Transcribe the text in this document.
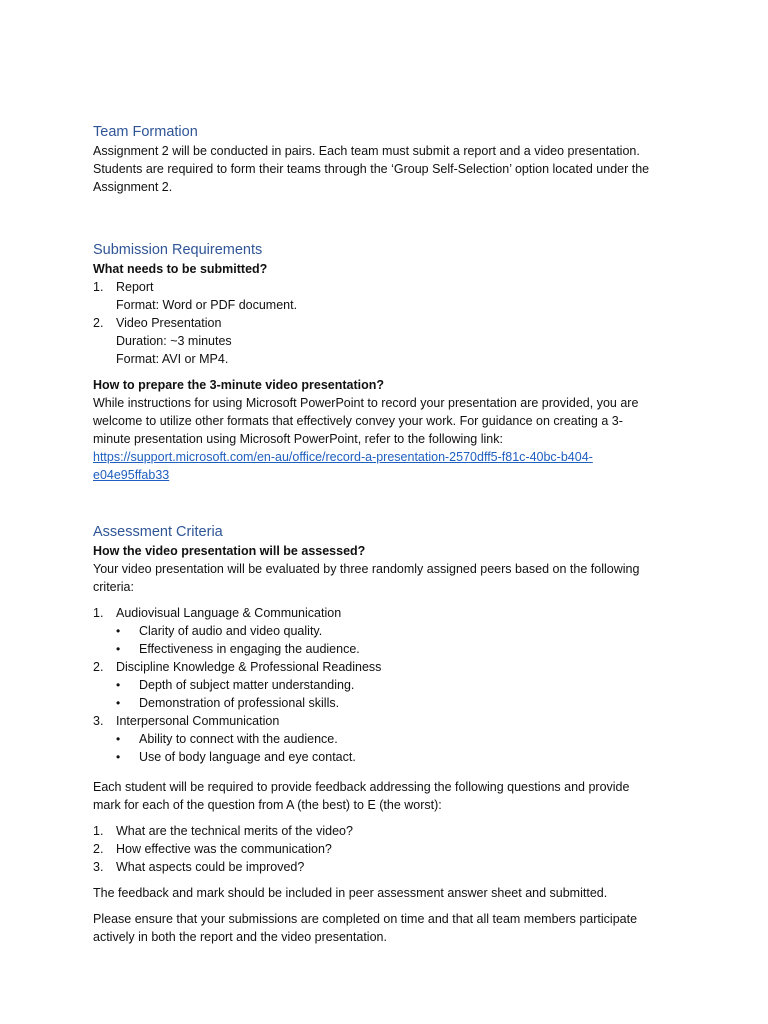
Team Formation

Assignment 2 will be conducted in pairs. Each team must submit a report and a video presentation.
Students are required to form their teams through the ‘Group Self-Selection’ option located under the
Assignment 2.

Submission Requirements

What needs to be submitted?

1. Report
Format: Word or PDF document.
2. Video Presentation
Duration: ~3 minutes
Format: AVI or MP4.

How to prepare the 3-minute video presentation?

While instructions for using Microsoft PowerPoint to record your presentation are provided, you are
welcome to utilize other formats that effectively convey your work. For guidance on creating a 3-
minute presentation using Microsoft PowerPoint, refer to the following link:
https://support.microsoft.com/en-au/office/record-a-presentation-2570dff5-f81c-40bc-b404-
e04e95ffab33

Assessment Criteria

How the video presentation will be assessed?

Your video presentation will be evaluated by three randomly assigned peers based on the following
criteria:

1. Audiovisual Language & Communication
• Clarity of audio and video quality.
• Effectiveness in engaging the audience.
2. Discipline Knowledge & Professional Readiness
• Depth of subject matter understanding.
• Demonstration of professional skills.
3. Interpersonal Communication
• Ability to connect with the audience.
• Use of body language and eye contact.

Each student will be required to provide feedback addressing the following questions and provide
mark for each of the question from A (the best) to E (the worst):

1. What are the technical merits of the video?
2. How effective was the communication?
3. What aspects could be improved?

The feedback and mark should be included in peer assessment answer sheet and submitted.

Please ensure that your submissions are completed on time and that all team members participate
actively in both the report and the video presentation.
